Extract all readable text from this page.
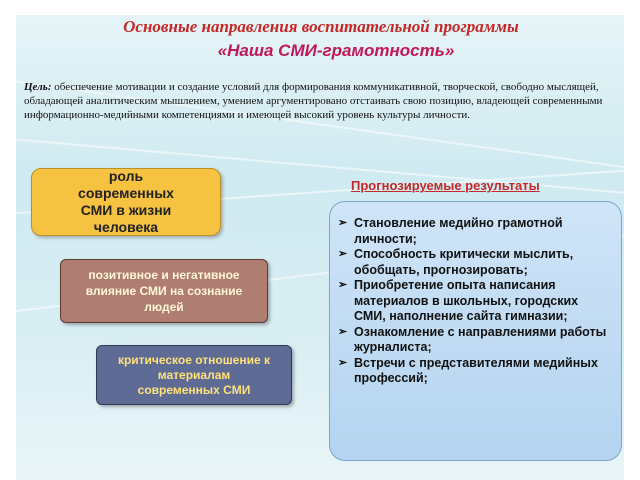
Основные направления воспитательной программы
«Наша СМИ-грамотность»
Цель: обеспечение мотивации и создание условий для формирования коммуникативной, творческой, свободно мыслящей, обладающей аналитическим мышлением, умением аргументировано отстаивать свою позицию, владеющей современными информационно-медийными компетенциями и имеющей высокий уровень культуры личности.
роль современных СМИ в жизни человека
позитивное и негативное влияние СМИ на сознание людей
критическое отношение к материалам современных СМИ
Прогнозируемые результаты
➢ Становление медийно грамотной личности;
➢ Способность критически мыслить, обобщать, прогнозировать;
➢ Приобретение опыта написания материалов в школьных, городских СМИ, наполнение сайта гимназии;
➢ Ознакомление с направлениями работы журналиста;
➢ Встречи с представителями медийных профессий;
